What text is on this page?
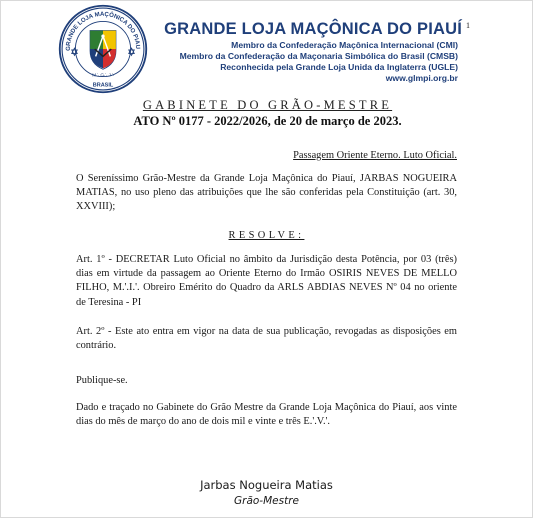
GRANDE LOJA MAÇÔNICA DO PIAU
M∴ G∴ J∴
BRASIL
GRANDE LOJA MAÇÔNICA DO PIAUÍ 1
Membro da Confederação Maçônica Internacional (CMI)
Membro da Confederação da Maçonaria Simbólica do Brasil (CMSB)
Reconhecida pela Grande Loja Unida da Inglaterra (UGLE)
www.glmpi.org.br
GABINETE DO GRÃO-MESTRE
ATO Nº 0177 - 2022/2026, de 20 de março de 2023.
Passagem Oriente Eterno. Luto Oficial.

O Sereníssimo Grão-Mestre da Grande Loja Maçônica do Piauí, JARBAS NOGUEIRA MATIAS, no uso pleno das atribuições que lhe são conferidas pela Constituição (art. 30, XXVIII);

RESOLVE:

Art. 1º - DECRETAR Luto Oficial no âmbito da Jurisdição desta Potência, por 03 (três) dias em virtude da passagem ao Oriente Eterno do Irmão OSIRIS NEVES DE MELLO FILHO, M.'.I.'. Obreiro Emérito do Quadro da ARLS ABDIAS NEVES Nº 04 no oriente de Teresina - PI

Art. 2º - Este ato entra em vigor na data de sua publicação, revogadas as disposições em contrário.

Publique-se.

Dado e traçado no Gabinete do Grão Mestre da Grande Loja Maçônica do Piauí, aos vinte dias do mês de março do ano de dois mil e vinte e três E.'.V.'.

Jarbas Nogueira Matias
Grão-Mestre
